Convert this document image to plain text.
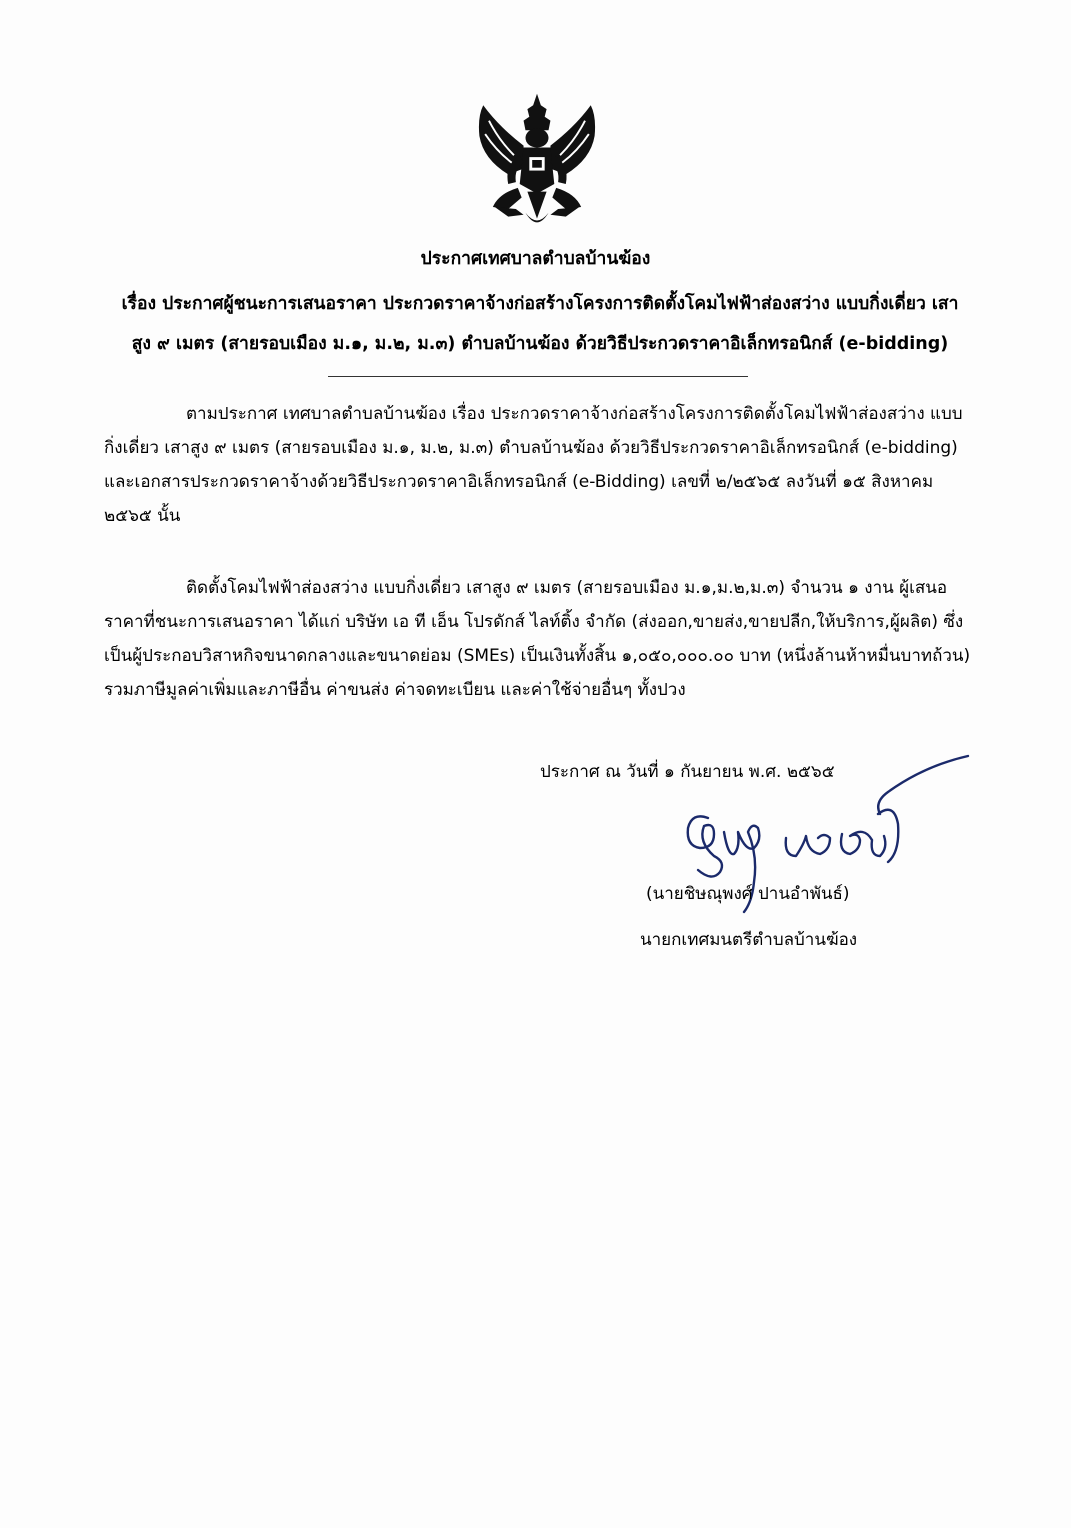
ประกาศเทศบาลตำบลบ้านฆ้อง
เรื่อง ประกาศผู้ชนะการเสนอราคา ประกวดราคาจ้างก่อสร้างโครงการติดตั้งโคมไฟฟ้าส่องสว่าง แบบกิ่งเดี่ยว เสา
สูง ๙ เมตร (สายรอบเมือง ม.๑, ม.๒, ม.๓) ตำบลบ้านฆ้อง ด้วยวิธีประกวดราคาอิเล็กทรอนิกส์ (e-bidding)
ตามประกาศ เทศบาลตำบลบ้านฆ้อง เรื่อง ประกวดราคาจ้างก่อสร้างโครงการติดตั้งโคมไฟฟ้าส่องสว่าง แบบกิ่งเดี่ยว เสาสูง ๙ เมตร (สายรอบเมือง ม.๑, ม.๒, ม.๓) ตำบลบ้านฆ้อง ด้วยวิธีประกวดราคาอิเล็กทรอนิกส์ (e-bidding) และเอกสารประกวดราคาจ้างด้วยวิธีประกวดราคาอิเล็กทรอนิกส์ (e-Bidding) เลขที่ ๒/๒๕๖๕ ลงวันที่ ๑๕ สิงหาคม ๒๕๖๕ นั้น
ติดตั้งโคมไฟฟ้าส่องสว่าง แบบกิ่งเดี่ยว เสาสูง ๙ เมตร (สายรอบเมือง ม.๑,ม.๒,ม.๓) จำนวน ๑ งาน ผู้เสนอราคาที่ชนะการเสนอราคา ได้แก่ บริษัท เอ ที เอ็น โปรดักส์ ไลท์ติ้ง จำกัด (ส่งออก,ขายส่ง,ขายปลีก,ให้บริการ,ผู้ผลิต) ซึ่งเป็นผู้ประกอบวิสาหกิจขนาดกลางและขนาดย่อม (SMEs) เป็นเงินทั้งสิ้น ๑,๐๕๐,๐๐๐.๐๐ บาท (หนึ่งล้านห้าหมื่นบาทถ้วน) รวมภาษีมูลค่าเพิ่มและภาษีอื่น ค่าขนส่ง ค่าจดทะเบียน และค่าใช้จ่ายอื่นๆ ทั้งปวง
ประกาศ ณ วันที่ ๑ กันยายน พ.ศ. ๒๕๖๕
(นายชิษณุพงศ์ ปานอำพันธ์)
นายกเทศมนตรีตำบลบ้านฆ้อง
